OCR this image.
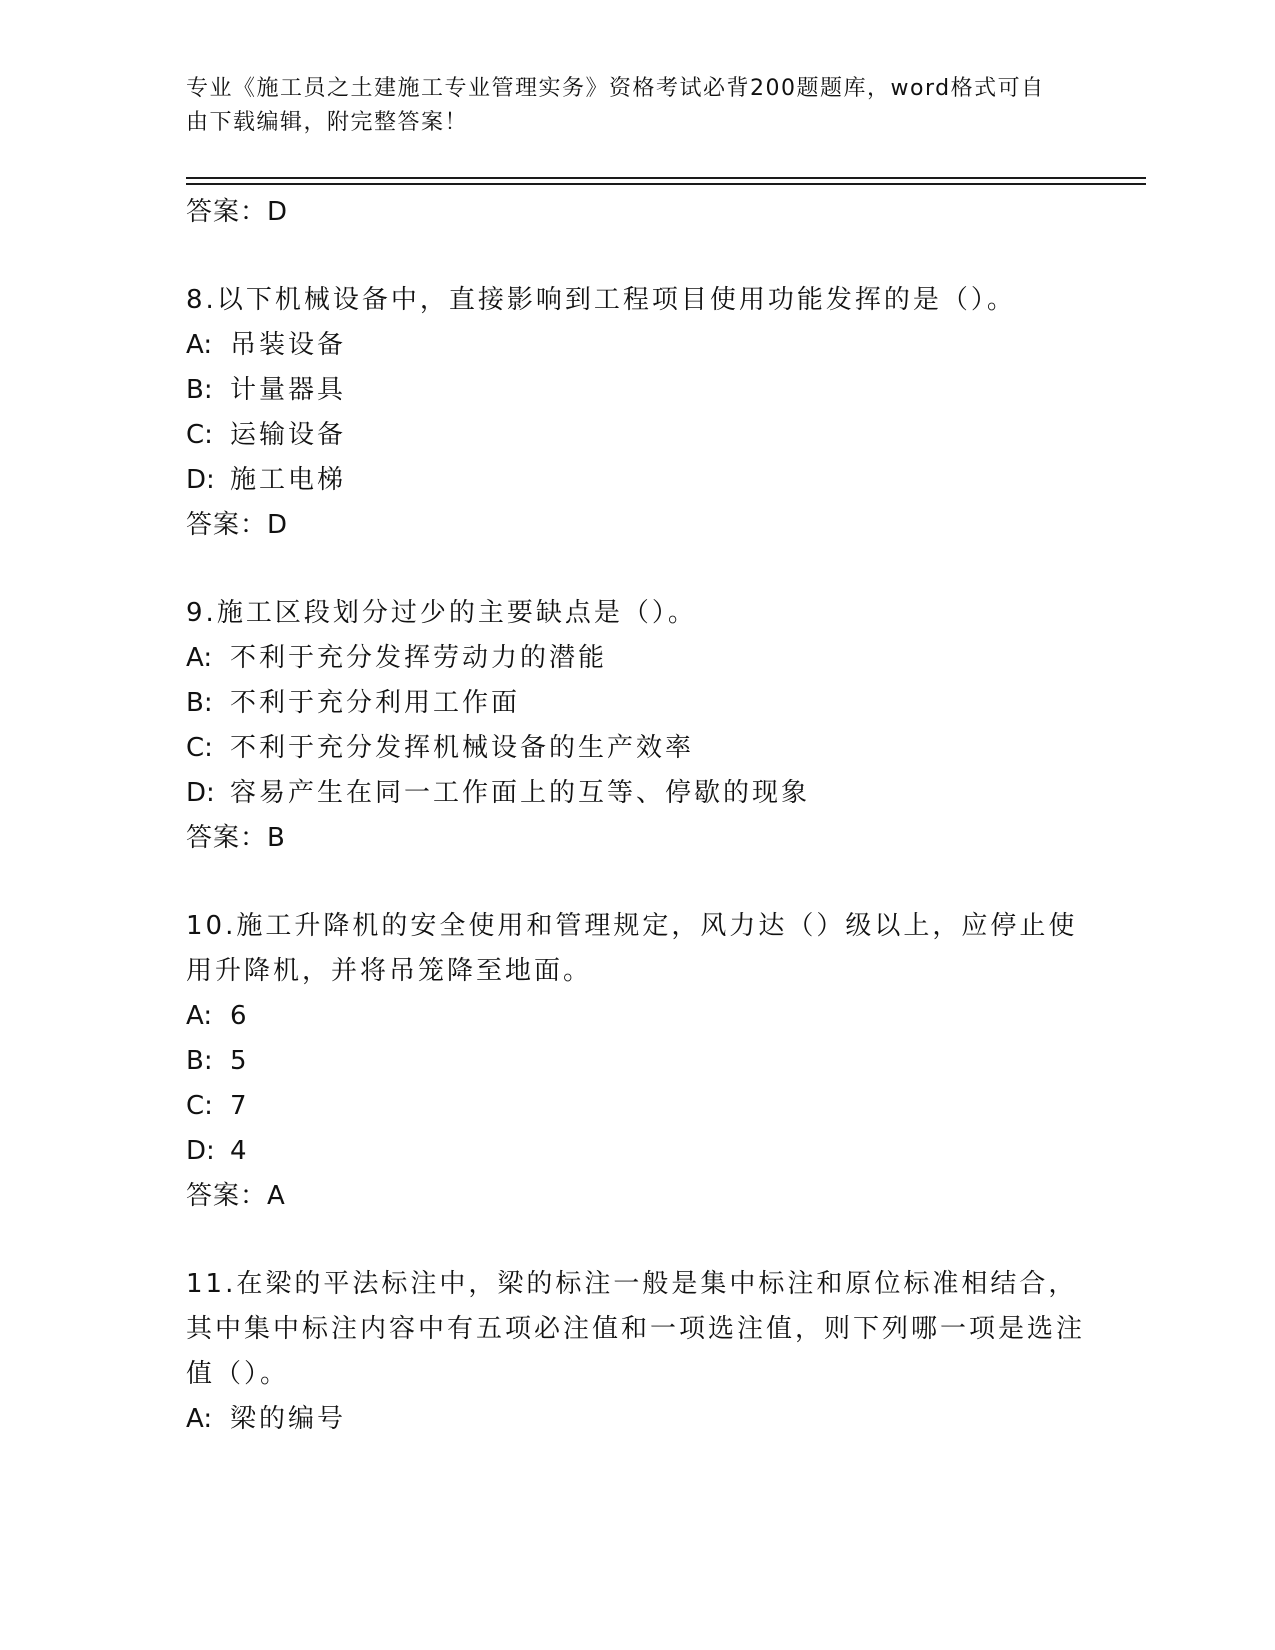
专业《施工员之土建施工专业管理实务》资格考试必背200题题库，word格式可自由下载编辑，附完整答案！
答案：D
8.以下机械设备中，直接影响到工程项目使用功能发挥的是（）。
A: 吊装设备
B: 计量器具
C: 运输设备
D: 施工电梯
答案：D
9.施工区段划分过少的主要缺点是（）。
A: 不利于充分发挥劳动力的潜能
B: 不利于充分利用工作面
C: 不利于充分发挥机械设备的生产效率
D: 容易产生在同一工作面上的互等、停歇的现象
答案：B
10.施工升降机的安全使用和管理规定，风力达（）级以上，应停止使用升降机，并将吊笼降至地面。
A: 6
B: 5
C: 7
D: 4
答案：A
11.在梁的平法标注中，梁的标注一般是集中标注和原位标准相结合，其中集中标注内容中有五项必注值和一项选注值，则下列哪一项是选注值（）。
A: 梁的编号
